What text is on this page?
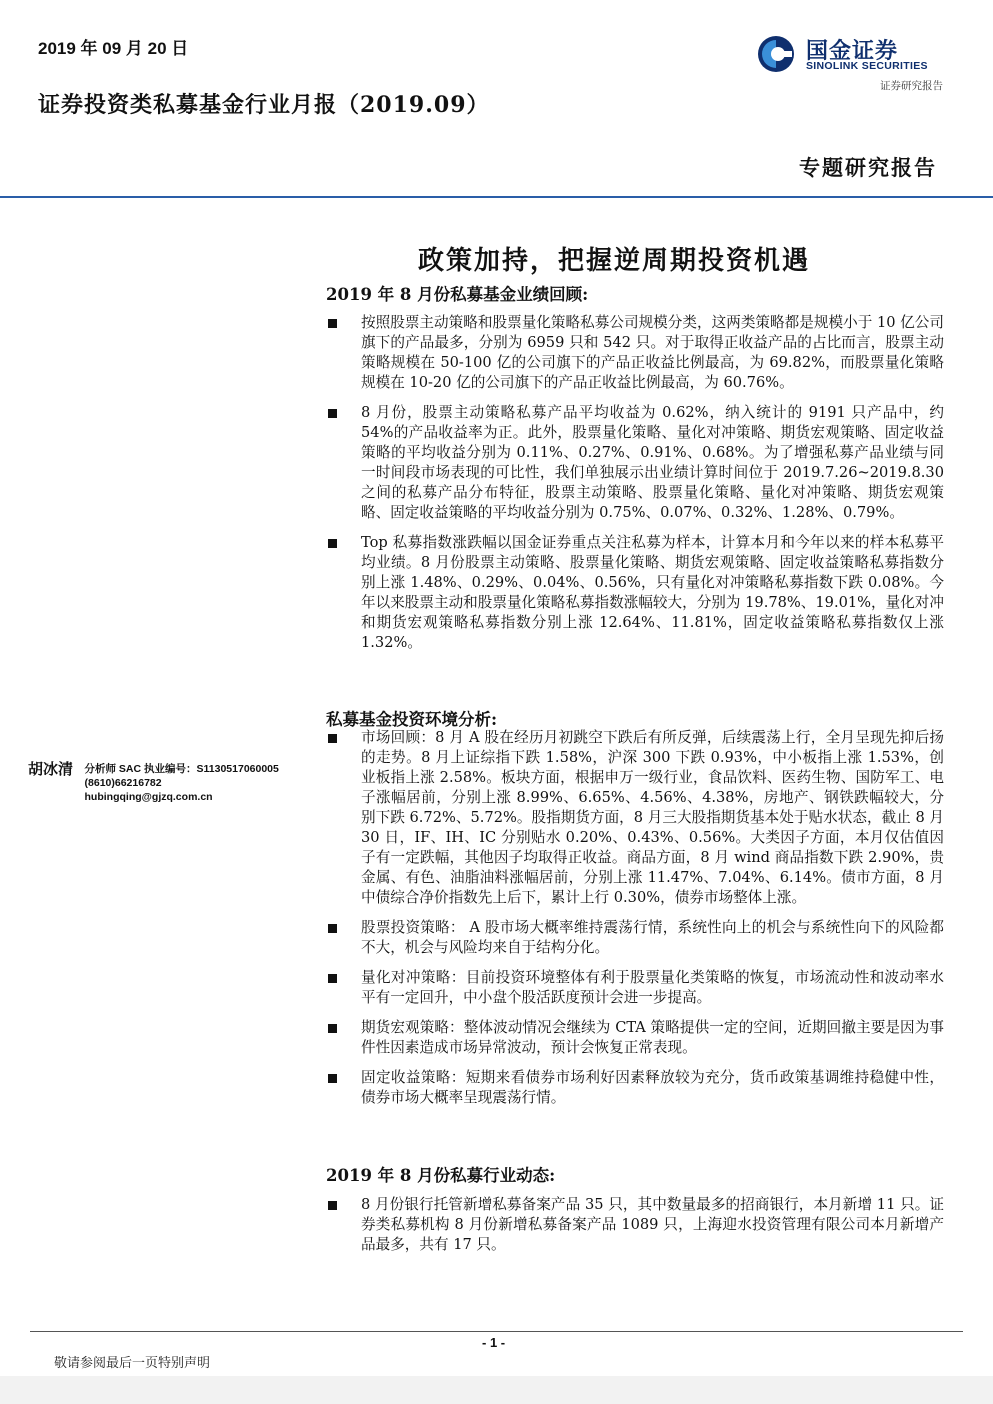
2019 年 09 月 20 日
证券投资类私募基金行业月报（2019.09）
国金证券
SINOLINK SECURITIES
证券研究报告
专题研究报告
政策加持，把握逆周期投资机遇
2019 年 8 月份私募基金业绩回顾:
按照股票主动策略和股票量化策略私募公司规模分类，这两类策略都是规模小于 10 亿公司旗下的产品最多，分别为 6959 只和 542 只。对于取得正收益产品的占比而言，股票主动策略规模在 50-100 亿的公司旗下的产品正收益比例最高，为 69.82%，而股票量化策略规模在 10-20 亿的公司旗下的产品正收益比例最高，为 60.76%。
8 月份，股票主动策略私募产品平均收益为 0.62%，纳入统计的 9191 只产品中，约 54%的产品收益率为正。此外，股票量化策略、量化对冲策略、期货宏观策略、固定收益策略的平均收益分别为 0.11%、0.27%、0.91%、0.68%。为了增强私募产品业绩与同一时间段市场表现的可比性，我们单独展示出业绩计算时间位于 2019.7.26~2019.8.30 之间的私募产品分布特征，股票主动策略、股票量化策略、量化对冲策略、期货宏观策略、固定收益策略的平均收益分别为 0.75%、0.07%、0.32%、1.28%、0.79%。
Top 私募指数涨跌幅以国金证券重点关注私募为样本，计算本月和今年以来的样本私募平均业绩。8 月份股票主动策略、股票量化策略、期货宏观策略、固定收益策略私募指数分别上涨 1.48%、0.29%、0.04%、0.56%，只有量化对冲策略私募指数下跌 0.08%。今年以来股票主动和股票量化策略私募指数涨幅较大，分别为 19.78%、19.01%，量化对冲和期货宏观策略私募指数分别上涨 12.64%、11.81%，固定收益策略私募指数仅上涨 1.32%。
私募基金投资环境分析:
市场回顾：8 月 A 股在经历月初跳空下跌后有所反弹，后续震荡上行，全月呈现先抑后扬的走势。8 月上证综指下跌 1.58%，沪深 300 下跌 0.93%，中小板指上涨 1.53%，创业板指上涨 2.58%。板块方面，根据申万一级行业，食品饮料、医药生物、国防军工、电子涨幅居前，分别上涨 8.99%、6.65%、4.56%、4.38%，房地产、钢铁跌幅较大，分别下跌 6.72%、5.72%。股指期货方面，8 月三大股指期货基本处于贴水状态，截止 8 月 30 日，IF、IH、IC 分别贴水 0.20%、0.43%、0.56%。大类因子方面，本月仅估值因子有一定跌幅，其他因子均取得正收益。商品方面，8 月 wind 商品指数下跌 2.90%，贵金属、有色、油脂油料涨幅居前，分别上涨 11.47%、7.04%、6.14%。债市方面，8 月中债综合净价指数先上后下，累计上行 0.30%，债券市场整体上涨。
股票投资策略： A 股市场大概率维持震荡行情，系统性向上的机会与系统性向下的风险都不大，机会与风险均来自于结构分化。
量化对冲策略：目前投资环境整体有利于股票量化类策略的恢复，市场流动性和波动率水平有一定回升，中小盘个股活跃度预计会进一步提高。
期货宏观策略：整体波动情况会继续为 CTA 策略提供一定的空间，近期回撤主要是因为事件性因素造成市场异常波动，预计会恢复正常表现。
固定收益策略：短期来看债券市场利好因素释放较为充分，货币政策基调维持稳健中性，债券市场大概率呈现震荡行情。
2019 年 8 月份私募行业动态:
8 月份银行托管新增私募备案产品 35 只，其中数量最多的招商银行，本月新增 11 只。证券类私募机构 8 月份新增私募备案产品 1089 只，上海迎水投资管理有限公司本月新增产品最多，共有 17 只。
胡冰清 分析师 SAC 执业编号：S1130517060005
(8610)66216782
hubingqing@gjzq.com.cn
- 1 -
敬请参阅最后一页特别声明
